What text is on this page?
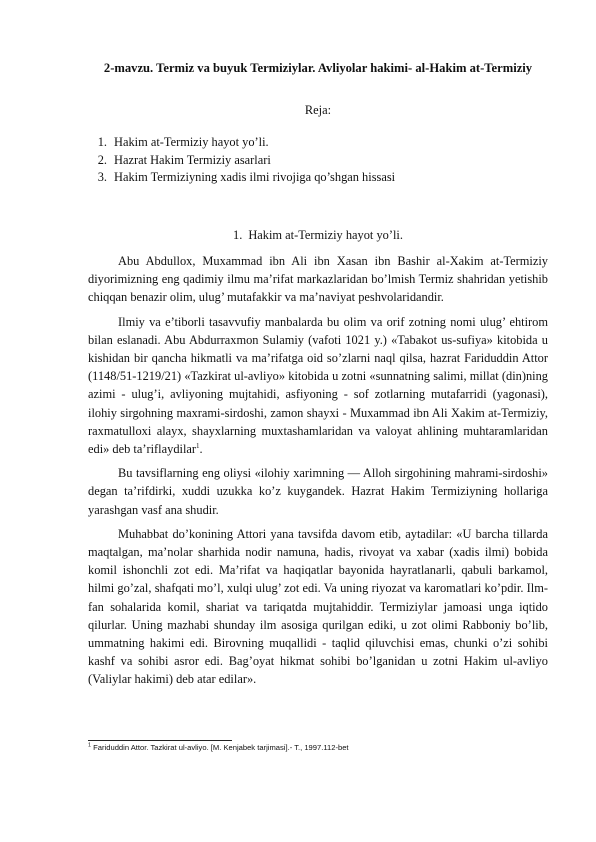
2-mavzu. Termiz va buyuk Termiziylar. Avliyolar hakimi- al-Hakim at-Termiziy
Reja:
1. Hakim at-Termiziy hayot yo’li.
2. Hazrat Hakim Termiziy asarlari
3. Hakim Termiziyning xadis ilmi rivojiga qo’shgan hissasi
1. Hakim at-Termiziy hayot yo’li.

Abu Abdullox, Muxammad ibn Ali ibn Xasan ibn Bashir al-Xakim at-Termiziy diyorimizning eng qadimiy ilmu ma’rifat markazlaridan bo’lmish Termiz shahridan yetishib chiqqan benazir olim, ulug’ mutafakkir va ma’naviyat peshvolaridandir.

Ilmiy va e’tiborli tasavvufiy manbalarda bu olim va orif zotning nomi ulug’ ehtirom bilan eslanadi. Abu Abdurraxmon Sulamiy (vafoti 1021 y.) «Tabakot us-sufiya» kitobida u kishidan bir qancha hikmatli va ma’rifatga oid so’zlarni naql qilsa, hazrat Fariduddin Attor (1148/51-1219/21) «Tazkirat ul-avliyo» kitobida u zotni «sunnatning salimi, millat (din)ning azimi - ulug’i, avliyoning mujtahidi, asfiyoning - sof zotlarning mutafarridi (yagonasi), ilohiy sirgohning maxrami-sirdoshi, zamon shayxi - Muxammad ibn Ali Xakim at-Termiziy, raxmatulloxi alayx, shayxlarning muxtashamlaridan va valoyat ahlining muhtaramlaridan edi» deb ta’riflaydilar$^1$.

Bu tavsiflarning eng oliysi «ilohiy xarimning — Alloh sirgohining mahrami-sirdoshi» degan ta’rifdirki, xuddi uzukka ko’z kuygandek. Hazrat Hakim Termiziyning hollariga yarashgan vasf ana shudir.

Muhabbat do’konining Attori yana tavsifda davom etib, aytadilar: «U barcha tillarda maqtalgan, ma’nolar sharhida nodir namuna, hadis, rivoyat va xabar (xadis ilmi) bobida komil ishonchli zot edi. Ma’rifat va haqiqatlar bayonida hayratlanarli, qabuli barkamol, hilmi go’zal, shafqati mo’l, xulqi ulug’ zot edi. Va uning riyozat va karomatlari ko’pdir. Ilm-fan sohalarida komil, shariat va tariqatda mujtahiddir. Termiziylar jamoasi unga iqtido qilurlar. Uning mazhabi shunday ilm asosiga qurilgan ediki, u zot olimi Rabboniy bo’lib, ummatning hakimi edi. Birovning muqallidi - taqlid qiluvchisi emas, chunki o’zi sohibi kashf va sohibi asror edi. Bag’oyat hikmat sohibi bo’lganidan u zotni Hakim ul-avliyo (Valiylar hakimi) deb atar edilar».

$^1$ Fariduddin Attor. Tazkirat ul-avliyo. [M. Kenjabek tarjimasi].- T., 1997.112-bet
